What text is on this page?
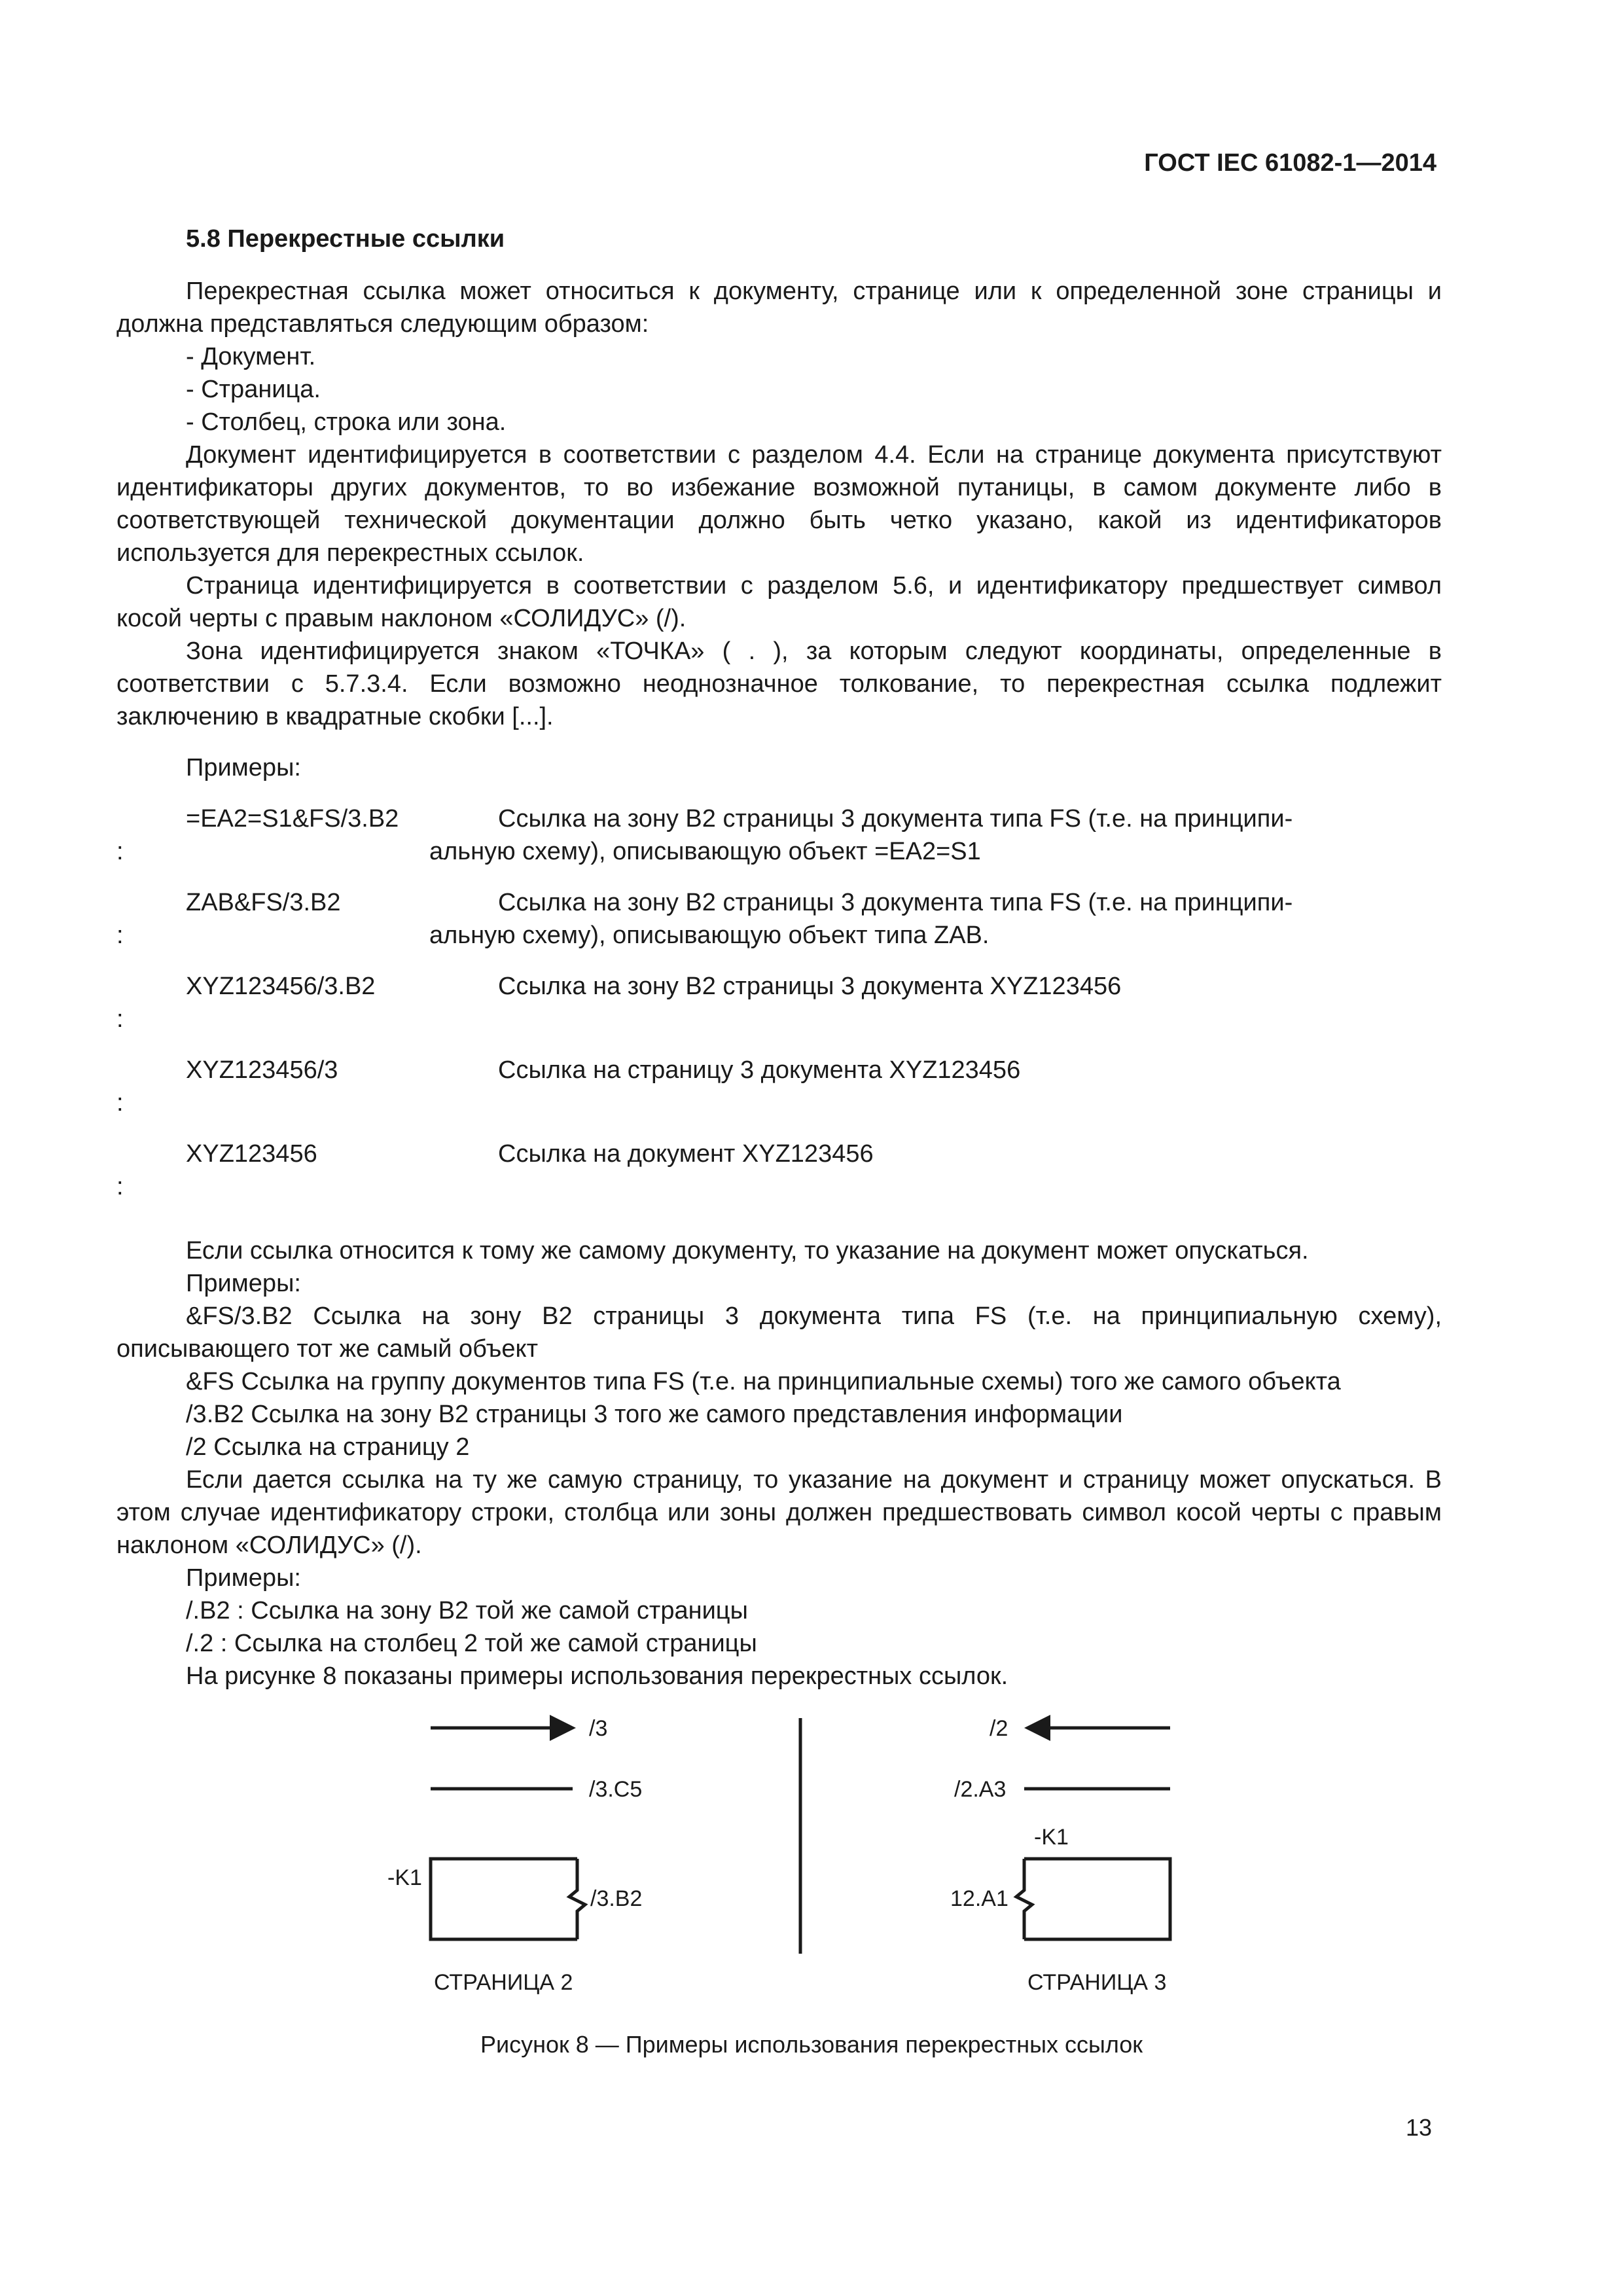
ГОСТ IEC 61082-1—2014

5.8 Перекрестные ссылки

Перекрестная ссылка может относиться к документу, странице или к определенной зоне страницы и должна представляться следующим образом:

- Документ.

- Страница.

- Столбец, строка или зона.

Документ идентифицируется в соответствии с разделом 4.4. Если на странице документа присутствуют идентификаторы других документов, то во избежание возможной путаницы, в самом документе либо в соответствующей технической документации должно быть четко указано, какой из идентификаторов используется для перекрестных ссылок.

Страница идентифицируется в соответствии с разделом 5.6, и идентификатору предшествует символ косой черты с правым наклоном «СОЛИДУС» (/).

Зона идентифицируется знаком «ТОЧКА» ( . ), за которым следуют координаты, определенные в соответствии с 5.7.3.4. Если возможно неоднозначное толкование, то перекрестная ссылка подлежит заключению в квадратные скобки [...].

Примеры:

=EA2=S1&FS/3.B2
:
Ссылка на зону B2 страницы 3 документа типа FS (т.е. на принципи-
альную схему), описывающую объект =EA2=S1
ZAB&FS/3.B2
:
Ссылка на зону B2 страницы 3 документа типа FS (т.е. на принципи-
альную схему), описывающую объект типа ZAB.
XYZ123456/3.B2
:
Ссылка на зону B2 страницы 3 документа XYZ123456
XYZ123456/3
:
Ссылка на страницу 3 документа XYZ123456
XYZ123456
:
Ссылка на документ XYZ123456

Если ссылка относится к тому же самому документу, то указание на документ может опускаться.

Примеры:

&FS/3.B2 Ссылка на зону B2 страницы 3 документа типа FS (т.е. на принципиальную схему), описывающего тот же самый объект

&FS Ссылка на группу документов типа FS (т.е. на принципиальные схемы) того же самого объекта

/3.B2 Ссылка на зону B2 страницы 3 того же самого представления информации

/2 Ссылка на страницу 2

Если дается ссылка на ту же самую страницу, то указание на документ и страницу может опускаться. В этом случае идентификатору строки, столбца или зоны должен предшествовать символ косой черты с правым наклоном «СОЛИДУС» (/).

Примеры:

/.B2 : Ссылка на зону B2 той же самой страницы

/.2 : Ссылка на столбец 2 той же самой страницы

На рисунке 8 показаны примеры использования перекрестных ссылок.

/3
/3.C5
-K1
/3.B2
СТРАНИЦА 2
/2
/2.A3
-K1
12.A1
СТРАНИЦА 3
Рисунок 8 — Примеры использования перекрестных ссылок
13
